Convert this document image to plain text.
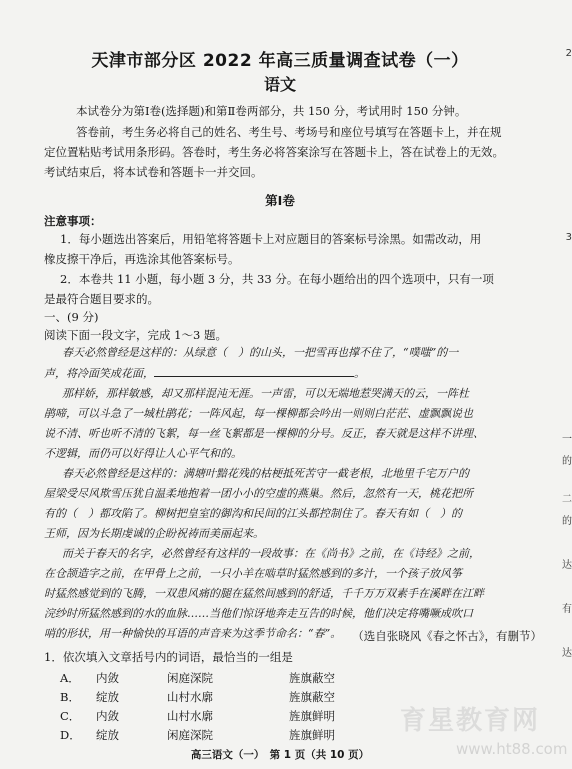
天津市部分区 2022 年高三质量调查试卷（一）
语文
本试卷分为第Ⅰ卷(选择题)和第Ⅱ卷两部分，共 150 分，考试用时 150 分钟。
答卷前，考生务必将自己的姓名、考生号、考场号和座位号填写在答题卡上，并在规
定位置粘贴考试用条形码。答卷时，考生务必将答案涂写在答题卡上，答在试卷上的无效。
考试结束后，将本试卷和答题卡一并交回。
第Ⅰ卷
注意事项：
1．每小题选出答案后，用铅笔将答题卡上对应题目的答案标号涂黑。如需改动，用
橡皮擦干净后，再选涂其他答案标号。
2．本卷共 11 小题，每小题 3 分，共 33 分。在每小题给出的四个选项中，只有一项
是最符合题目要求的。
一、(9 分)
阅读下面一段文字，完成 1～3 题。
春天必然曾经是这样的：从绿意（　）的山头，一把雪再也撑不住了，“噗嗤”的一
声，将冷面笑成花面，	。
那样娇，那样敏感，却又那样混沌无涯。一声雷，可以无端地惹哭满天的云，一阵杜
鹃啼，可以斗急了一城杜鹃花；一阵风起，每一棵柳都会吟出一则则白茫茫、虚飘飘说也
说不清、听也听不清的飞絮，每一丝飞絮都是一棵柳的分号。反正，春天就是这样不讲理、
不逻辑，而仍可以好得让人心平气和的。
春天必然曾经是这样的：满塘叶黯花残的枯梗抵死苦守一截老根，北地里千宅万户的
屋梁受尽风欺雪压犹自温柔地抱着一团小小的空虚的燕巢。然后，忽然有一天，桃花把所
有的（　）都攻陷了。柳树把皇室的御沟和民间的江头都控制住了。春天有如（　）的
王师，因为长期虔诚的企盼祝祷而美丽起来。
而关于春天的名字，必然曾经有这样的一段故事：在《尚书》之前，在《诗经》之前，
在仓颉造字之前，在甲骨上之前，一只小羊在啮草时猛然感到的多汁，一个孩子放风筝
时猛然感觉到的飞腾，一双患风痛的腿在猛然间感到的舒适，千千万万双素手在溪畔在江畔
浣纱时所猛然感到的水的血脉……当他们惊讶地奔走互告的时候，他们决定将嘴噘成吹口
哨的形状，用一种愉快的耳语的声音来为这季节命名：“春”。 （选自张晓风《春之怀古》，有删节）
1．依次填入文章括号内的词语，最恰当的一组是
A． 内敛	闲庭深院	旌旗蔽空
B． 绽放	山村水廓	旌旗蔽空
C． 内敛	山村水廓	旌旗鲜明
D． 绽放	闲庭深院	旌旗鲜明
高三语文（一）　第 1 页（共 10 页）
2
3
一
的
二
的
达
有
达
育星教育网
www.ht88.com
